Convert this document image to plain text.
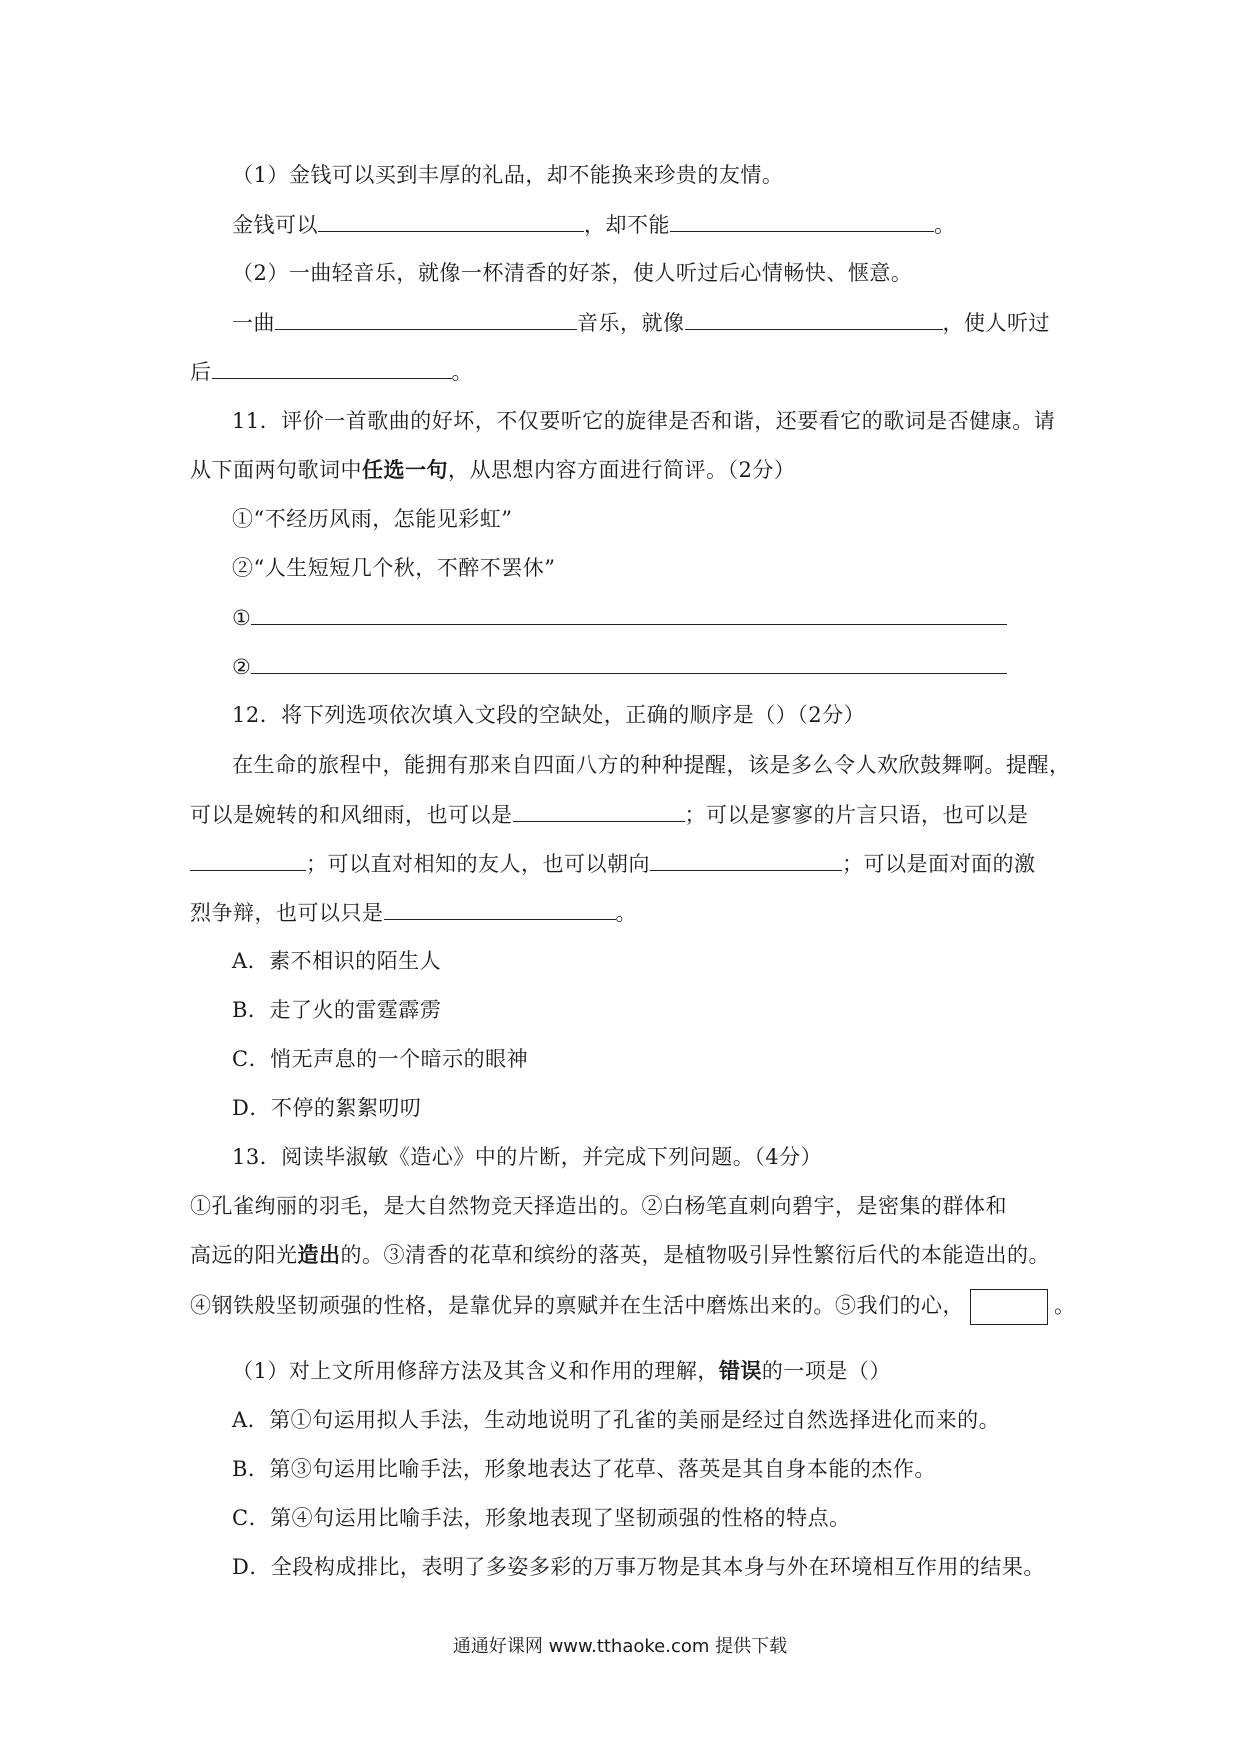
（1）金钱可以买到丰厚的礼品，却不能换来珍贵的友情。
金钱可以	，却不能	。
（2）一曲轻音乐，就像一杯清香的好茶，使人听过后心情畅快、惬意。
一曲	音乐，就像	，使人听过
后	。
11．评价一首歌曲的好坏，不仅要听它的旋律是否和谐，还要看它的歌词是否健康。请
从下面两句歌词中任选一句，从思想内容方面进行简评。（2分）
①“不经历风雨，怎能见彩虹”
②“人生短短几个秋，不醉不罢休”
①
②
12．将下列选项依次填入文段的空缺处，正确的顺序是（）（2分）
在生命的旅程中，能拥有那来自四面八方的种种提醒，该是多么令人欢欣鼓舞啊。提醒，
可以是婉转的和风细雨，也可以是	；可以是寥寥的片言只语，也可以是
；可以直对相知的友人，也可以朝向	；可以是面对面的激
烈争辩，也可以只是	。
A．素不相识的陌生人
B．走了火的雷霆霹雳
C．悄无声息的一个暗示的眼神
D．不停的絮絮叨叨
13．阅读毕淑敏《造心》中的片断，并完成下列问题。（4分）
①孔雀绚丽的羽毛，是大自然物竞天择造出的。②白杨笔直刺向碧宇，是密集的群体和
高远的阳光造出的。③清香的花草和缤纷的落英，是植物吸引异性繁衍后代的本能造出的。
④钢铁般坚韧顽强的性格，是靠优异的禀赋并在生活中磨炼出来的。⑤我们的心，	。
（1）对上文所用修辞方法及其含义和作用的理解，错误的一项是（）
A．第①句运用拟人手法，生动地说明了孔雀的美丽是经过自然选择进化而来的。
B．第③句运用比喻手法，形象地表达了花草、落英是其自身本能的杰作。
C．第④句运用比喻手法，形象地表现了坚韧顽强的性格的特点。
D．全段构成排比，表明了多姿多彩的万事万物是其本身与外在环境相互作用的结果。
通通好课网 www.tthaoke.com 提供下载
